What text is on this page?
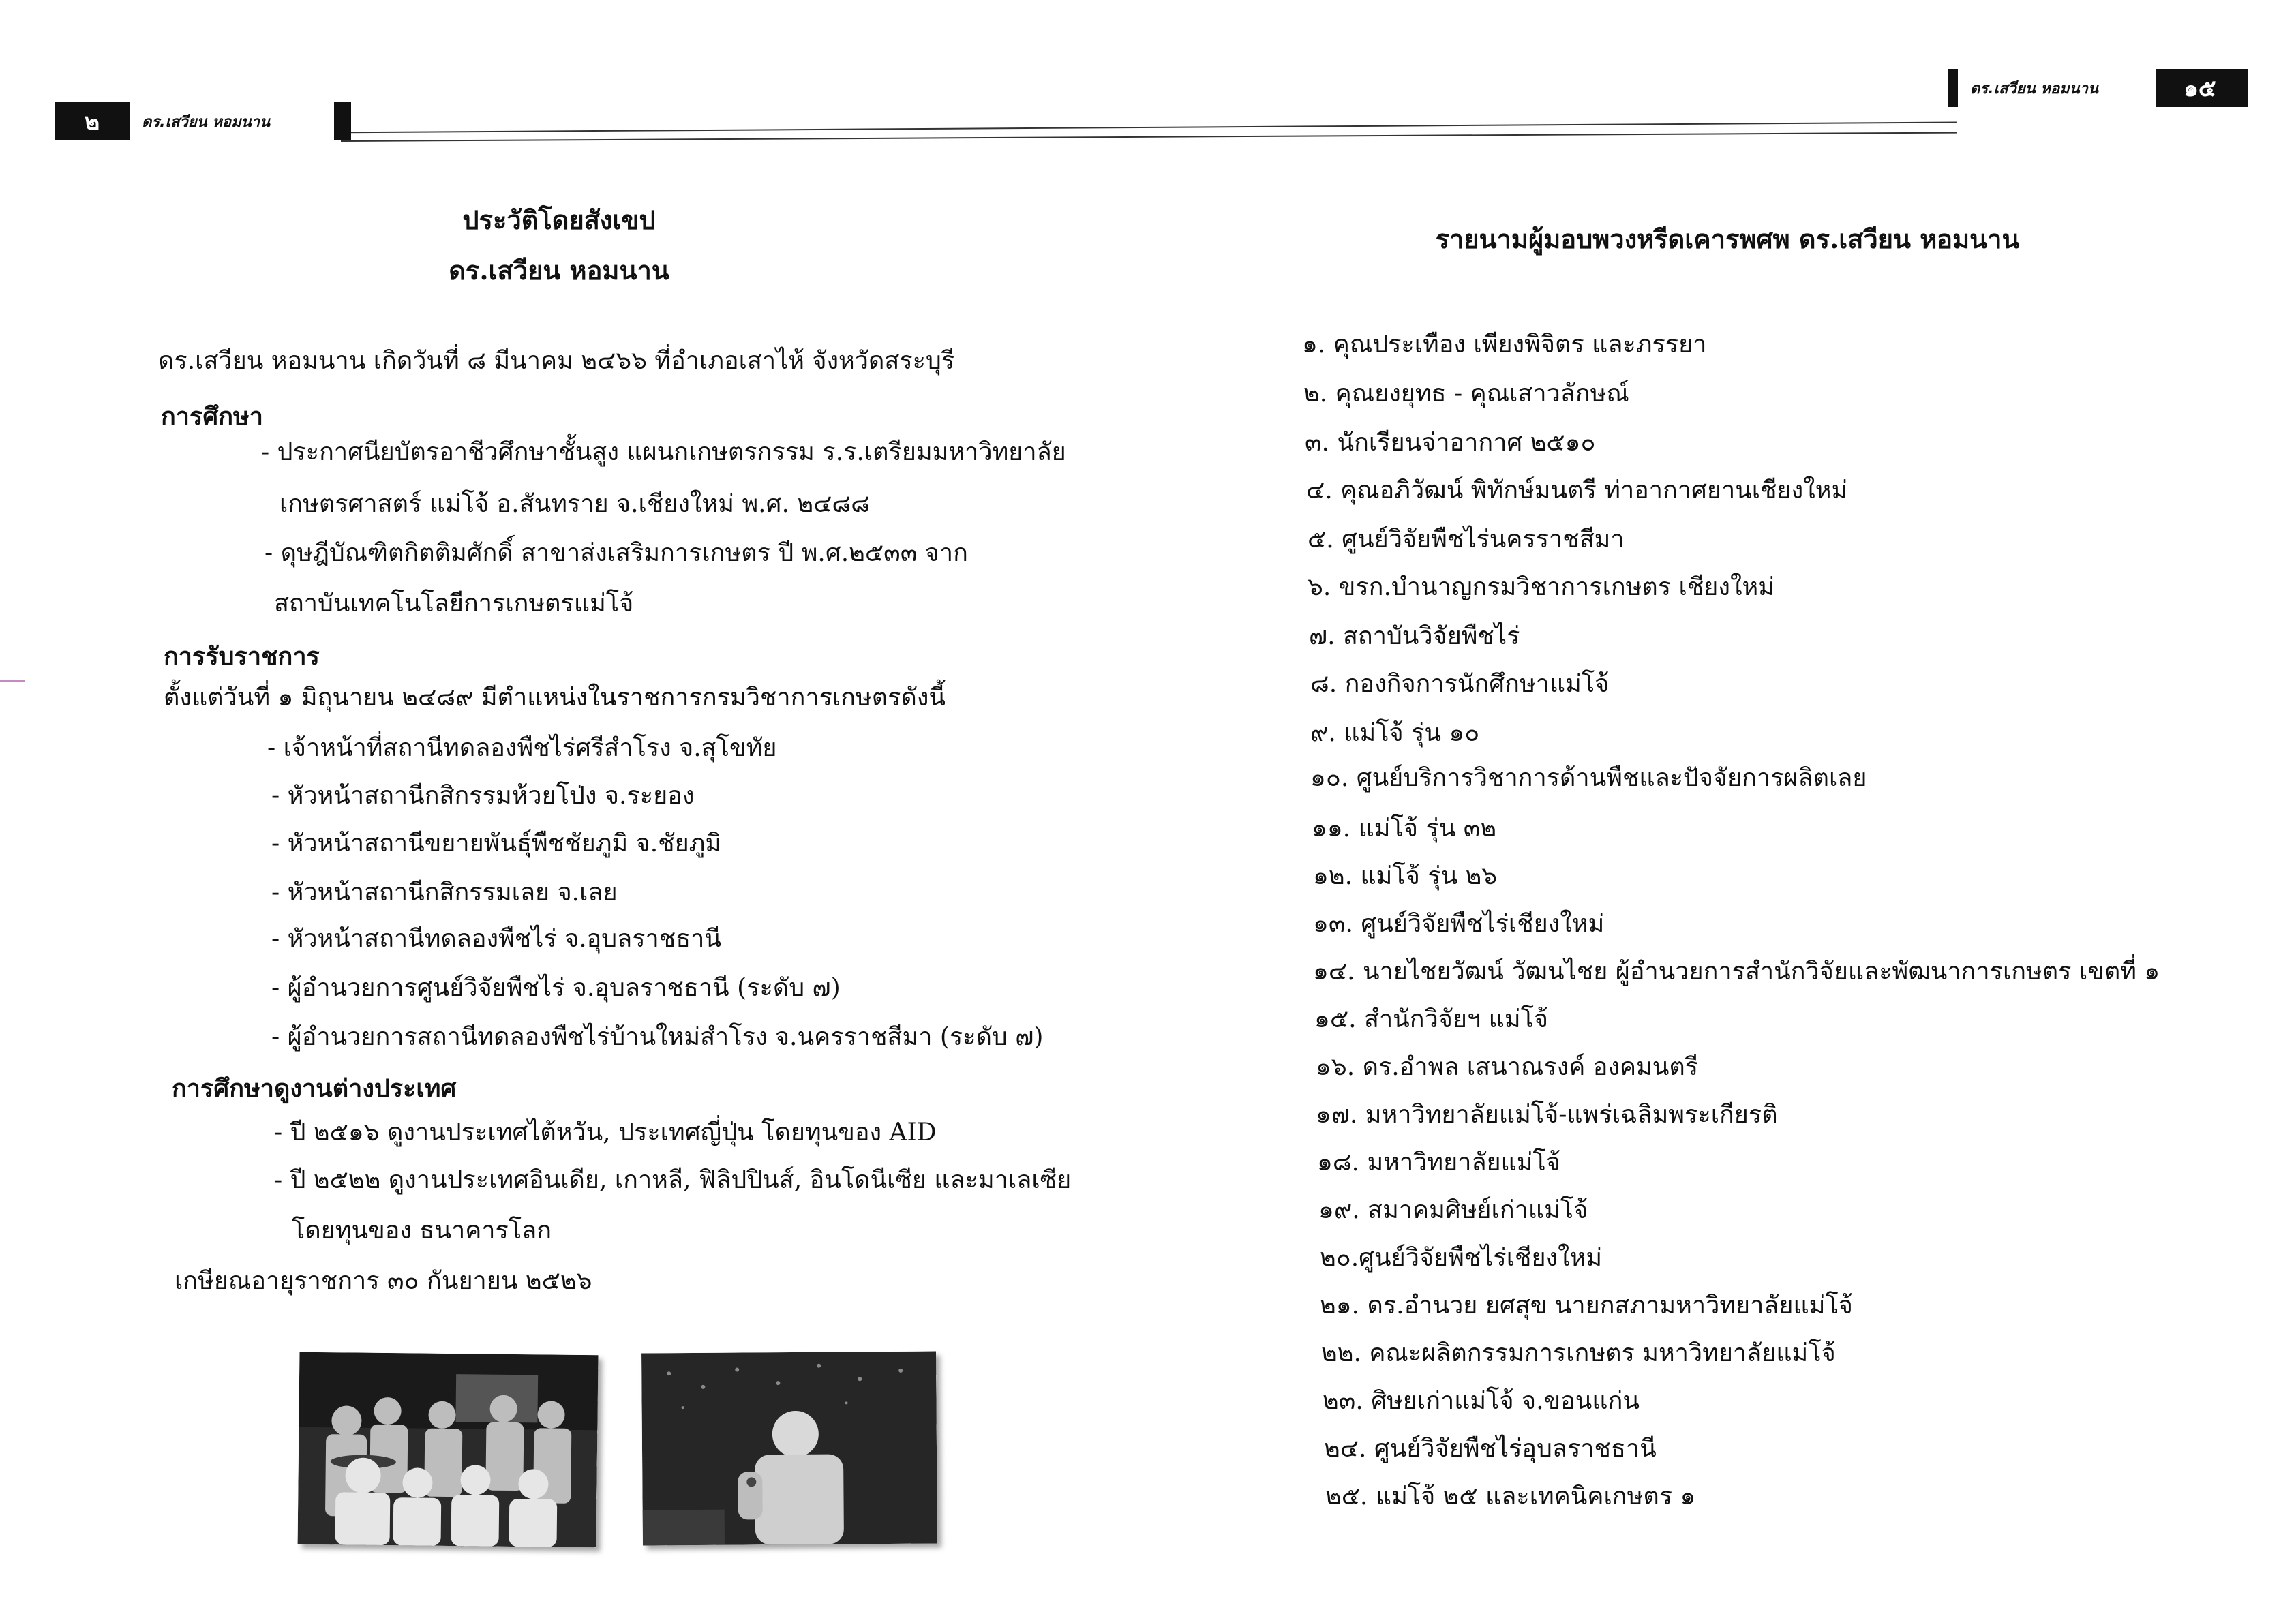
๒	ดร.เสวียน หอมนาน
ดร.เสวียน หอมนาน	๑๕
ประวัติโดยสังเขป
ดร.เสวียน หอมนาน
ดร.เสวียน หอมนาน เกิดวันที่ ๘ มีนาคม ๒๔๖๖ ที่อำเภอเสาไห้ จังหวัดสระบุรี
การศึกษา
- ประกาศนียบัตรอาชีวศึกษาชั้นสูง แผนกเกษตรกรรม ร.ร.เตรียมมหาวิทยาลัย
เกษตรศาสตร์ แม่โจ้ อ.สันทราย จ.เชียงใหม่ พ.ศ. ๒๔๘๘
- ดุษฎีบัณฑิตกิตติมศักดิ์ สาขาส่งเสริมการเกษตร ปี พ.ศ.๒๕๓๓ จาก
สถาบันเทคโนโลยีการเกษตรแม่โจ้
การรับราชการ
ตั้งแต่วันที่ ๑ มิถุนายน ๒๔๘๙ มีตำแหน่งในราชการกรมวิชาการเกษตรดังนี้
- เจ้าหน้าที่สถานีทดลองพืชไร่ศรีสำโรง จ.สุโขทัย
- หัวหน้าสถานีกสิกรรมห้วยโป่ง จ.ระยอง
- หัวหน้าสถานีขยายพันธุ์พืชชัยภูมิ จ.ชัยภูมิ
- หัวหน้าสถานีกสิกรรมเลย จ.เลย
- หัวหน้าสถานีทดลองพืชไร่ จ.อุบลราชธานี
- ผู้อำนวยการศูนย์วิจัยพืชไร่ จ.อุบลราชธานี (ระดับ ๗)
- ผู้อำนวยการสถานีทดลองพืชไร่บ้านใหม่สำโรง จ.นครราชสีมา (ระดับ ๗)
การศึกษาดูงานต่างประเทศ
- ปี ๒๕๑๖ ดูงานประเทศไต้หวัน, ประเทศญี่ปุ่น โดยทุนของ AID
- ปี ๒๕๒๒ ดูงานประเทศอินเดีย, เกาหลี, ฟิลิปปินส์, อินโดนีเซีย และมาเลเซีย
โดยทุนของ ธนาคารโลก
เกษียณอายุราชการ ๓๐ กันยายน ๒๕๒๖
รายนามผู้มอบพวงหรีดเคารพศพ ดร.เสวียน หอมนาน
๑. คุณประเทือง เพียงพิจิตร และภรรยา
๒. คุณยงยุทธ - คุณเสาวลักษณ์
๓. นักเรียนจ่าอากาศ ๒๕๑๐
๔. คุณอภิวัฒน์ พิทักษ์มนตรี ท่าอากาศยานเชียงใหม่
๕. ศูนย์วิจัยพืชไร่นครราชสีมา
๖. ขรก.บำนาญกรมวิชาการเกษตร เชียงใหม่
๗. สถาบันวิจัยพืชไร่
๘. กองกิจการนักศึกษาแม่โจ้
๙. แม่โจ้ รุ่น ๑๐
๑๐. ศูนย์บริการวิชาการด้านพืชและปัจจัยการผลิตเลย
๑๑. แม่โจ้ รุ่น ๓๒
๑๒. แม่โจ้ รุ่น ๒๖
๑๓. ศูนย์วิจัยพืชไร่เชียงใหม่
๑๔. นายไชยวัฒน์ วัฒนไชย ผู้อำนวยการสำนักวิจัยและพัฒนาการเกษตร เขตที่ ๑
๑๕. สำนักวิจัยฯ แม่โจ้
๑๖. ดร.อำพล เสนาณรงค์ องคมนตรี
๑๗. มหาวิทยาลัยแม่โจ้-แพร่เฉลิมพระเกียรติ
๑๘. มหาวิทยาลัยแม่โจ้
๑๙. สมาคมศิษย์เก่าแม่โจ้
๒๐.ศูนย์วิจัยพืชไร่เชียงใหม่
๒๑. ดร.อำนวย ยศสุข นายกสภามหาวิทยาลัยแม่โจ้
๒๒. คณะผลิตกรรมการเกษตร มหาวิทยาลัยแม่โจ้
๒๓. ศิษยเก่าแม่โจ้ จ.ขอนแก่น
๒๔. ศูนย์วิจัยพืชไร่อุบลราชธานี
๒๕. แม่โจ้ ๒๕ และเทคนิคเกษตร ๑
